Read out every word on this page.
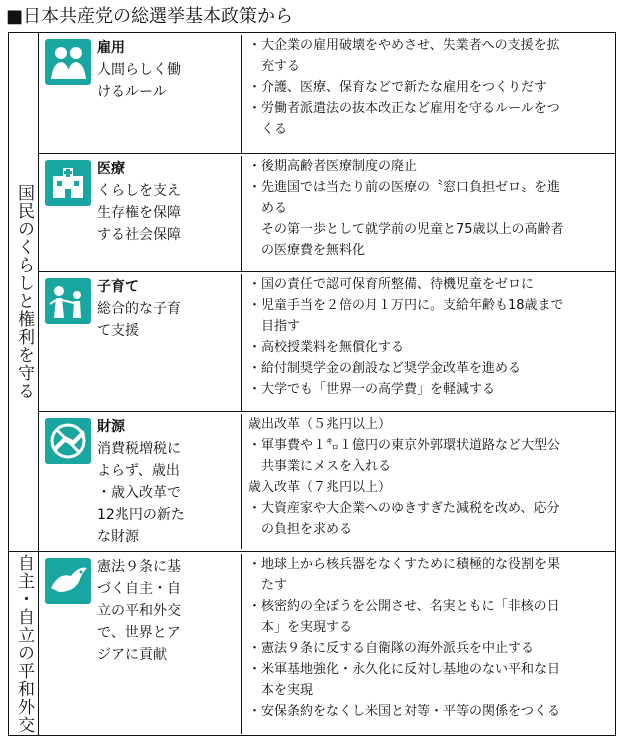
■日本共産党の総選挙基本政策から
国民のくらしと権利を守る
雇用
人間らしく働
けるルール
・大企業の雇用破壊をやめさせ、失業者への支援を拡
　充する
・介護、医療、保育などで新たな雇用をつくりだす
・労働者派遣法の抜本改正など雇用を守るルールをつ
　くる
医療
くらしを支え
生存権を保障
する社会保障
・後期高齢者医療制度の廃止
・先進国では当たり前の医療の〝窓口負担ゼロ〟を進
　める
　その第一歩として就学前の児童と75歳以上の高齢者
　の医療費を無料化
子育て
総合的な子育
て支援
・国の責任で認可保育所整備、待機児童をゼロに
・児童手当を２倍の月１万円に。支給年齢も18歳まで
　目指す
・高校授業料を無償化する
・給付制奨学金の創設など奨学金改革を進める
・大学でも「世界一の高学費」を軽減する
財源
消費税増税に
よらず、歳出
・歳入改革で
12兆円の新た
な財源
歳出改革（５兆円以上）
・軍事費や１㌔１億円の東京外郭環状道路など大型公
　共事業にメスを入れる
歳入改革（７兆円以上）
・大資産家や大企業へのゆきすぎた減税を改め、応分
　の負担を求める
自主・自立の平和外交	憲法９条に基
づく自主・自
立の平和外交
で、世界とア
ジアに貢献
・地球上から核兵器をなくすために積極的な役割を果
　たす
・核密約の全ぼうを公開させ、名実ともに「非核の日
　本」を実現する
・憲法９条に反する自衛隊の海外派兵を中止する
・米軍基地強化・永久化に反対し基地のない平和な日
　本を実現
・安保条約をなくし米国と対等・平等の関係をつくる
